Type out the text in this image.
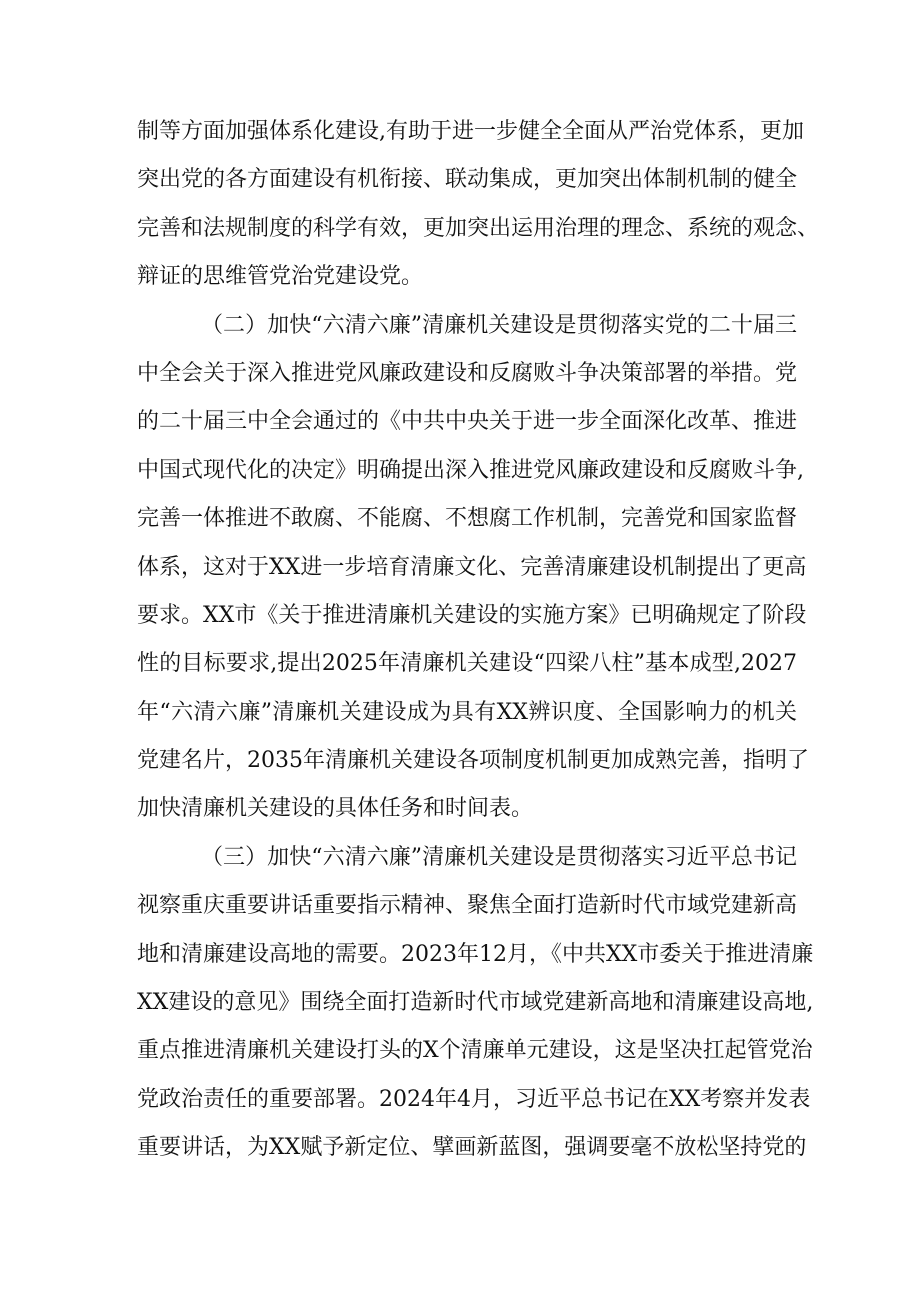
制等方面加强体系化建设,有助于进一步健全全面从严治党体系，更加
突出党的各方面建设有机衔接、联动集成，更加突出体制机制的健全
完善和法规制度的科学有效，更加突出运用治理的理念、系统的观念、
辩证的思维管党治党建设党。
（二）加快“六清六廉”清廉机关建设是贯彻落实党的二十届三
中全会关于深入推进党风廉政建设和反腐败斗争决策部署的举措。党
的二十届三中全会通过的《中共中央关于进一步全面深化改革、推进
中国式现代化的决定》明确提出深入推进党风廉政建设和反腐败斗争,
完善一体推进不敢腐、不能腐、不想腐工作机制，完善党和国家监督
体系，这对于XX进一步培育清廉文化、完善清廉建设机制提出了更高
要求。XX市《关于推进清廉机关建设的实施方案》已明确规定了阶段
性的目标要求,提出2025年清廉机关建设“四梁八柱”基本成型,2027
年“六清六廉”清廉机关建设成为具有XX辨识度、全国影响力的机关
党建名片，2035年清廉机关建设各项制度机制更加成熟完善，指明了
加快清廉机关建设的具体任务和时间表。
（三）加快“六清六廉”清廉机关建设是贯彻落实习近平总书记
视察重庆重要讲话重要指示精神、聚焦全面打造新时代市域党建新高
地和清廉建设高地的需要。2023年12月，《中共XX市委关于推进清廉
XX建设的意见》围绕全面打造新时代市域党建新高地和清廉建设高地,
重点推进清廉机关建设打头的X个清廉单元建设，这是坚决扛起管党治
党政治责任的重要部署。2024年4月，习近平总书记在XX考察并发表
重要讲话，为XX赋予新定位、擘画新蓝图，强调要毫不放松坚持党的
